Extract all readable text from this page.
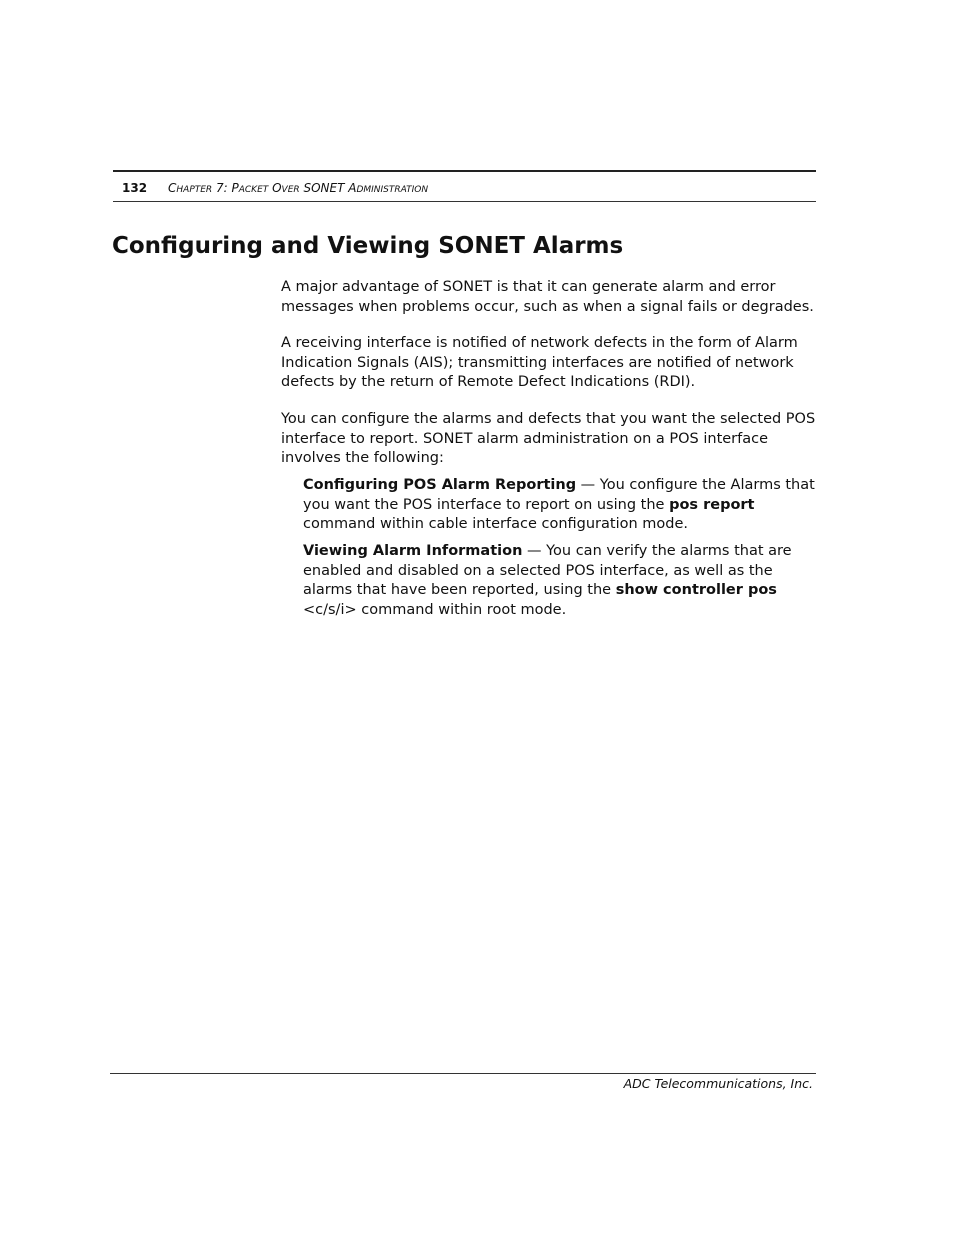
132 CHAPTER 7: PACKET OVER SONET ADMINISTRATION
Configuring and Viewing SONET Alarms

A major advantage of SONET is that it can generate alarm and error messages when problems occur, such as when a signal fails or degrades.

A receiving interface is notified of network defects in the form of Alarm Indication Signals (AIS); transmitting interfaces are notified of network defects by the return of Remote Defect Indications (RDI).

You can configure the alarms and defects that you want the selected POS interface to report. SONET alarm administration on a POS interface involves the following:

Configuring POS Alarm Reporting — You configure the Alarms that you want the POS interface to report on using the pos report  command within cable interface configuration mode.

Viewing Alarm Information — You can verify the alarms that are enabled and disabled on a selected POS interface, as well as the alarms that have been reported, using the show controller pos <c/s/i> command within root mode.

ADC Telecommunications, Inc.
